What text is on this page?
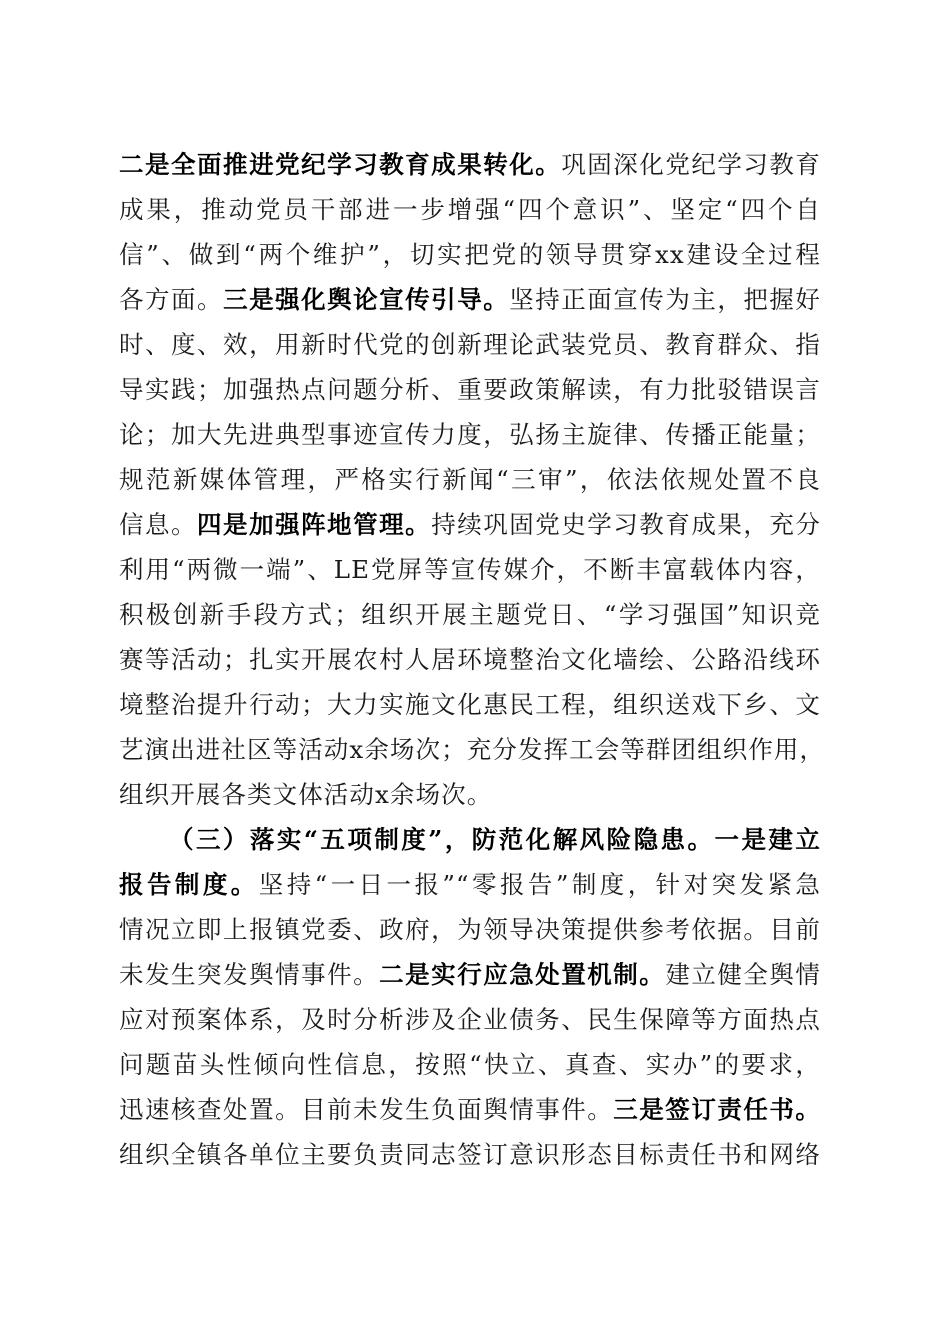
二是全面推进党纪学习教育成果转化。巩固深化党纪学习教育
成果，推动党员干部进一步增强“四个意识”、坚定“四个自
信”、做到“两个维护”，切实把党的领导贯穿xx建设全过程
各方面。三是强化舆论宣传引导。坚持正面宣传为主，把握好
时、度、效，用新时代党的创新理论武装党员、教育群众、指
导实践；加强热点问题分析、重要政策解读，有力批驳错误言
论；加大先进典型事迹宣传力度，弘扬主旋律、传播正能量；
规范新媒体管理，严格实行新闻“三审”，依法依规处置不良
信息。四是加强阵地管理。持续巩固党史学习教育成果，充分
利用“两微一端”、LE党屏等宣传媒介，不断丰富载体内容，
积极创新手段方式；组织开展主题党日、“学习强国”知识竞
赛等活动；扎实开展农村人居环境整治文化墙绘、公路沿线环
境整治提升行动；大力实施文化惠民工程，组织送戏下乡、文
艺演出进社区等活动x余场次；充分发挥工会等群团组织作用，
组织开展各类文体活动x余场次。
（三）落实“五项制度”，防范化解风险隐患。一是建立
报告制度。坚持“一日一报”“零报告”制度，针对突发紧急
情况立即上报镇党委、政府，为领导决策提供参考依据。目前
未发生突发舆情事件。二是实行应急处置机制。建立健全舆情
应对预案体系，及时分析涉及企业债务、民生保障等方面热点
问题苗头性倾向性信息，按照“快立、真查、实办”的要求，
迅速核查处置。目前未发生负面舆情事件。三是签订责任书。
组织全镇各单位主要负责同志签订意识形态目标责任书和网络
